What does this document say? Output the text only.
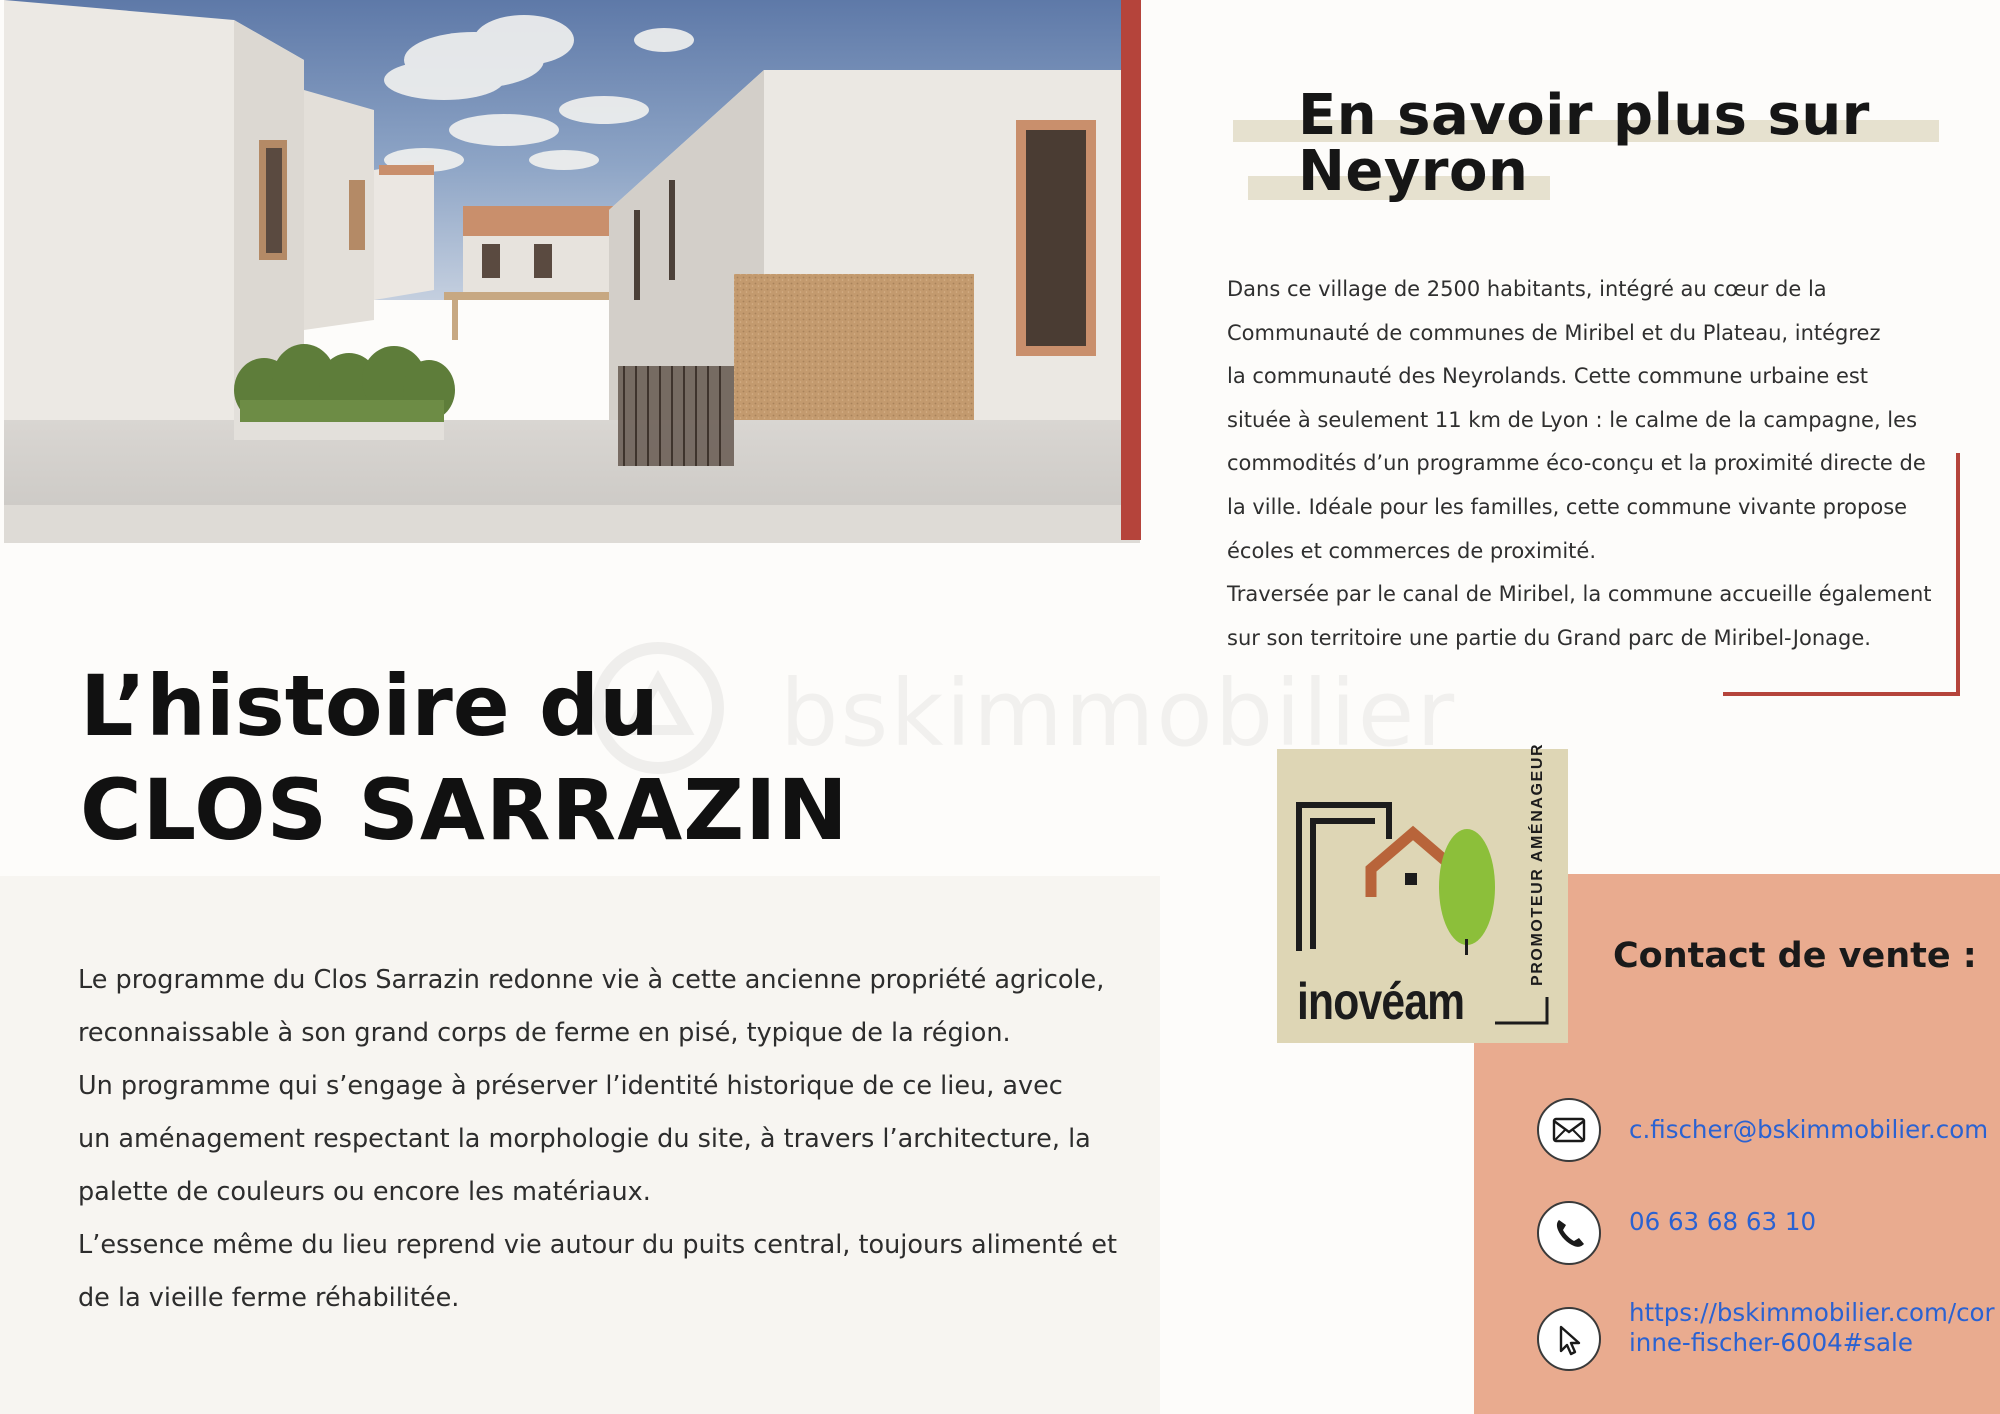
En savoir plus sur
Neyron

Dans ce village de 2500 habitants, intégré au cœur de la

Communauté de communes de Miribel et du Plateau, intégrez

la communauté des Neyrolands. Cette commune urbaine est

située à seulement 11 km de Lyon : le calme de la campagne, les

commodités d’un programme éco-conçu et la proximité directe de

la ville. Idéale pour les familles, cette commune vivante propose

écoles et commerces de proximité.

Traversée par le canal de Miribel, la commune accueille également

sur son territoire une partie du Grand parc de Miribel-Jonage.

L’histoire du
CLOS SARRAZIN

Le programme du Clos Sarrazin redonne vie à cette ancienne propriété agricole,

reconnaissable à son grand corps de ferme en pisé, typique de la région.

Un programme qui s’engage à préserver l’identité historique de ce lieu, avec

un aménagement respectant la morphologie du site, à travers l’architecture, la

palette de couleurs ou encore les matériaux.

L’essence même du lieu reprend vie autour du puits central, toujours alimenté et

de la vieille ferme réhabilitée.

inovéam
PROMOTEUR AMÉNAGEUR Contact de vente :
c.fischer@bskimmobilier.com
06 63 68 63 10
https://bskimmobilier.com/corinne-fischer-6004#sale
